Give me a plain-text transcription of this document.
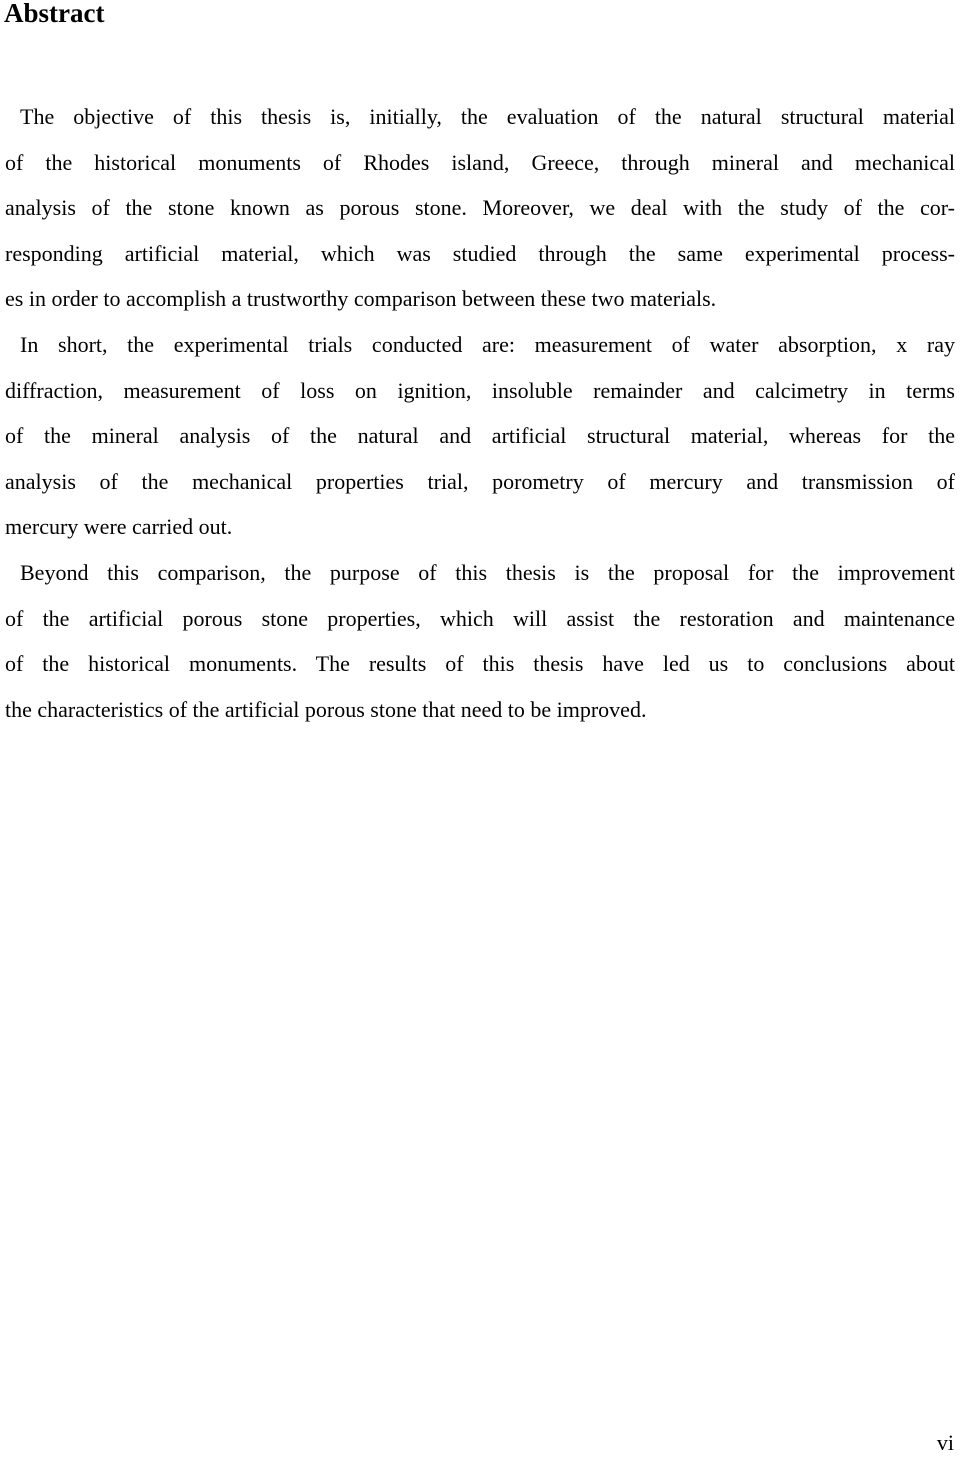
Abstract
The objective of this thesis is, initially, the evaluation of the natural structural material
of the historical monuments of Rhodes island, Greece, through mineral and mechanical
analysis of the stone known as porous stone. Moreover, we deal with the study of the cor-
responding artificial material, which was studied through the same experimental process-
es in order to accomplish a trustworthy comparison between these two materials.
In short, the experimental trials conducted are: measurement of water absorption, x ray
diffraction, measurement of loss on ignition, insoluble remainder and calcimetry in terms
of the mineral analysis of the natural and artificial structural material, whereas for the
analysis of the mechanical properties trial, porometry of mercury and transmission of
mercury were carried out.
Beyond this comparison, the purpose of this thesis is the proposal for the improvement
of the artificial porous stone properties, which will assist the restoration and maintenance
of the historical monuments. The results of this thesis have led us to conclusions about
the characteristics of the artificial porous stone that need to be improved.
vi
